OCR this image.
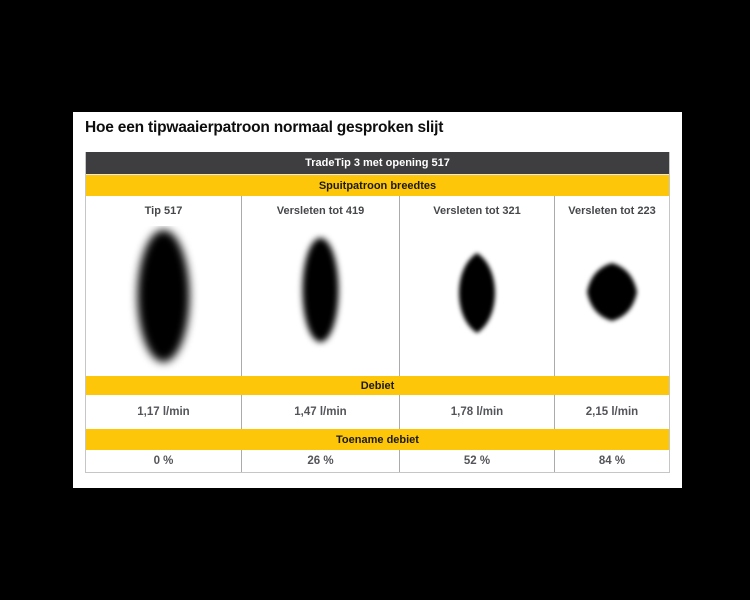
Hoe een tipwaaierpatroon normaal gesproken slijt
TradeTip 3 met opening 517
Spuitpatroon breedtes
Tip 517	Versleten tot 419	Versleten tot 321	Versleten tot 223
Debiet
1,17 l/min	1,47 l/min	1,78 l/min	2,15 l/min
Toename debiet
0 %	26 %	52 %	84 %
